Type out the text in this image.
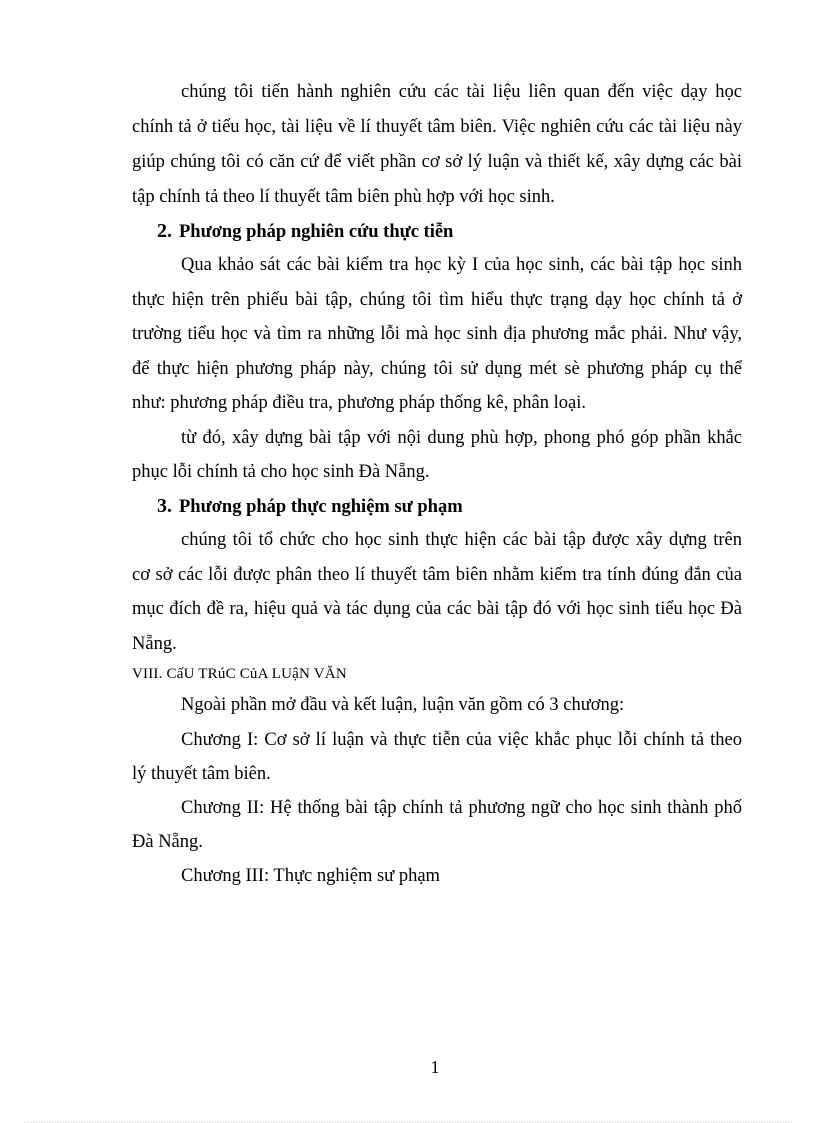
chúng tôi tiến hành nghiên cứu các tài liệu liên quan đến việc dạy học
chính tả ở tiểu học, tài liệu về lí thuyết tâm biên. Việc nghiên cứu các tài liệu này
giúp chúng tôi có căn cứ để viết phần cơ sở lý luận và thiết kế, xây dựng các bài
tập chính tả theo lí thuyết tâm biên phù hợp với học sinh.
2. Phương pháp nghiên cứu thực tiễn
Qua khảo sát các bài kiểm tra học kỳ I của học sinh, các bài tập học sinh
thực hiện trên phiếu bài tập, chúng tôi tìm hiểu thực trạng dạy học chính tả ở
trường tiểu học và tìm ra những lỗi mà học sinh địa phương mắc phải. Như vậy,
để thực hiện phương pháp này, chúng tôi sử dụng mét sè phương pháp cụ thể
như: phương pháp điều tra, phương pháp thống kê, phân loại.
từ đó, xây dựng bài tập với nội dung phù hợp, phong phó góp phần khắc
phục lỗi chính tả cho học sinh Đà Nẵng.
3. Phương pháp thực nghiệm sư phạm
chúng tôi tổ chức cho học sinh thực hiện các bài tập được xây dựng trên
cơ sở các lỗi được phân theo lí thuyết tâm biên nhằm kiểm tra tính đúng đắn của
mục đích đề ra, hiệu quả và tác dụng của các bài tập đó với học sinh tiểu học Đà
Nẵng.
VIII. CấU TRúC CủA LUậN VĂN
Ngoài phần mở đầu và kết luận, luận văn gồm có 3 chương:
Chương I: Cơ sở lí luận và thực tiễn của việc khắc phục lỗi chính tả theo
lý thuyết tâm biên.
Chương II: Hệ thống bài tập chính tả phương ngữ cho học sinh thành phố
Đà Nẵng.
Chương III: Thực nghiệm sư phạm
1
